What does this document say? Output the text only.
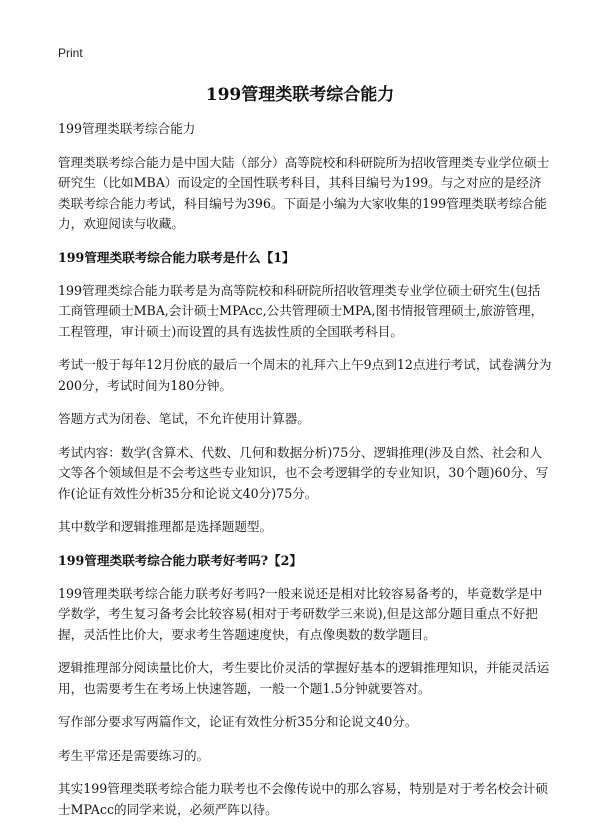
Print
199管理类联考综合能力

199管理类联考综合能力

管理类联考综合能力是中国大陆（部分）高等院校和科研院所为招收管理类专业学位硕士研究生（比如MBA）而设定的全国性联考科目，其科目编号为199。与之对应的是经济类联考综合能力考试，科目编号为396。下面是小编为大家收集的199管理类联考综合能力，欢迎阅读与收藏。

199管理类联考综合能力联考是什么【1】

199管理类综合能力联考是为高等院校和科研院所招收管理类专业学位硕士研究生(包括工商管理硕士MBA,会计硕士MPAcc,公共管理硕士MPA,图书情报管理硕士,旅游管理，工程管理，审计硕士)而设置的具有选拔性质的全国联考科目。

考试一般于每年12月份底的最后一个周末的礼拜六上午9点到12点进行考试，试卷满分为200分，考试时间为180分钟。

答题方式为闭卷、笔试，不允许使用计算器。

考试内容：数学(含算术、代数、几何和数据分析)75分、逻辑推理(涉及自然、社会和人文等各个领域但是不会考这些专业知识，也不会考逻辑学的专业知识，30个题)60分、写作(论证有效性分析35分和论说文40分)75分。

其中数学和逻辑推理都是选择题题型。

199管理类联考综合能力联考好考吗?【2】

199管理类联考综合能力联考好考吗?一般来说还是相对比较容易备考的，毕竟数学是中学数学，考生复习备考会比较容易(相对于考研数学三来说),但是这部分题目重点不好把握，灵活性比价大，要求考生答题速度快，有点像奥数的数学题目。

逻辑推理部分阅读量比价大，考生要比价灵活的掌握好基本的逻辑推理知识，并能灵活运用，也需要考生在考场上快速答题，一般一个题1.5分钟就要答对。

写作部分要求写两篇作文，论证有效性分析35分和论说文40分。

考生平常还是需要练习的。

其实199管理类联考综合能力联考也不会像传说中的那么容易，特别是对于考名校会计硕士MPAcc的同学来说，必须严阵以待。
